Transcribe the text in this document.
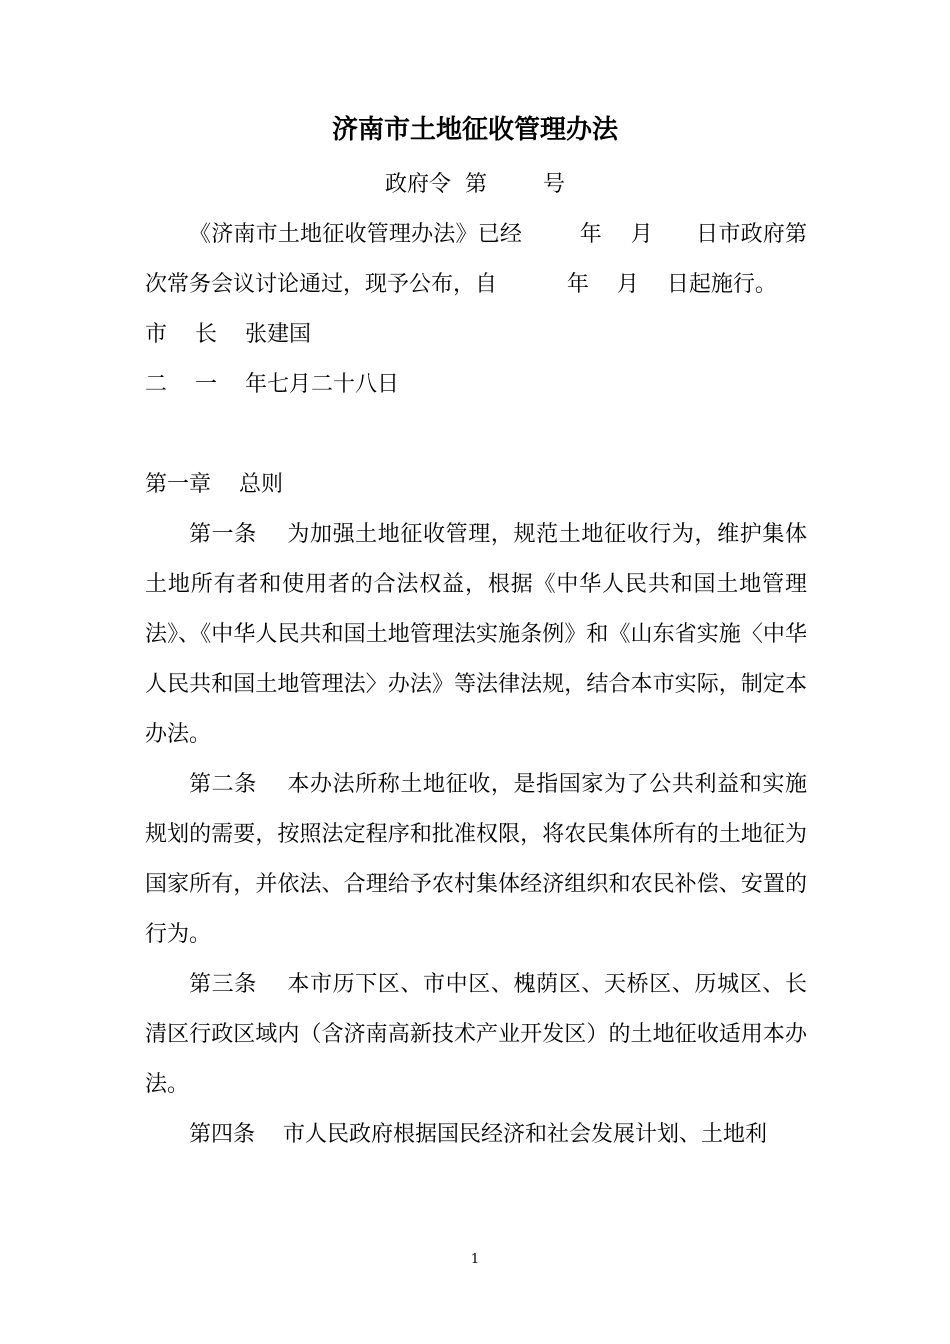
济南市土地征收管理办法
政府令  第        号

《济南市土地征收管理办法》已经        年    月      日市政府第      次常务会议讨论通过，现予公布，自          年    月    日起施行。

市    长    张建国

二    一    年七月二十八日

第一章    总则

第一条    为加强土地征收管理，规范土地征收行为，维护集体土地所有者和使用者的合法权益，根据《中华人民共和国土地管理法》、《中华人民共和国土地管理法实施条例》和《山东省实施〈中华人民共和国土地管理法〉办法》等法律法规，结合本市实际，制定本办法。

第二条    本办法所称土地征收，是指国家为了公共利益和实施规划的需要，按照法定程序和批准权限，将农民集体所有的土地征为国家所有，并依法、合理给予农村集体经济组织和农民补偿、安置的行为。

第三条    本市历下区、市中区、槐荫区、天桥区、历城区、长清区行政区域内（含济南高新技术产业开发区）的土地征收适用本办法。

第四条    市人民政府根据国民经济和社会发展计划、土地利

1
